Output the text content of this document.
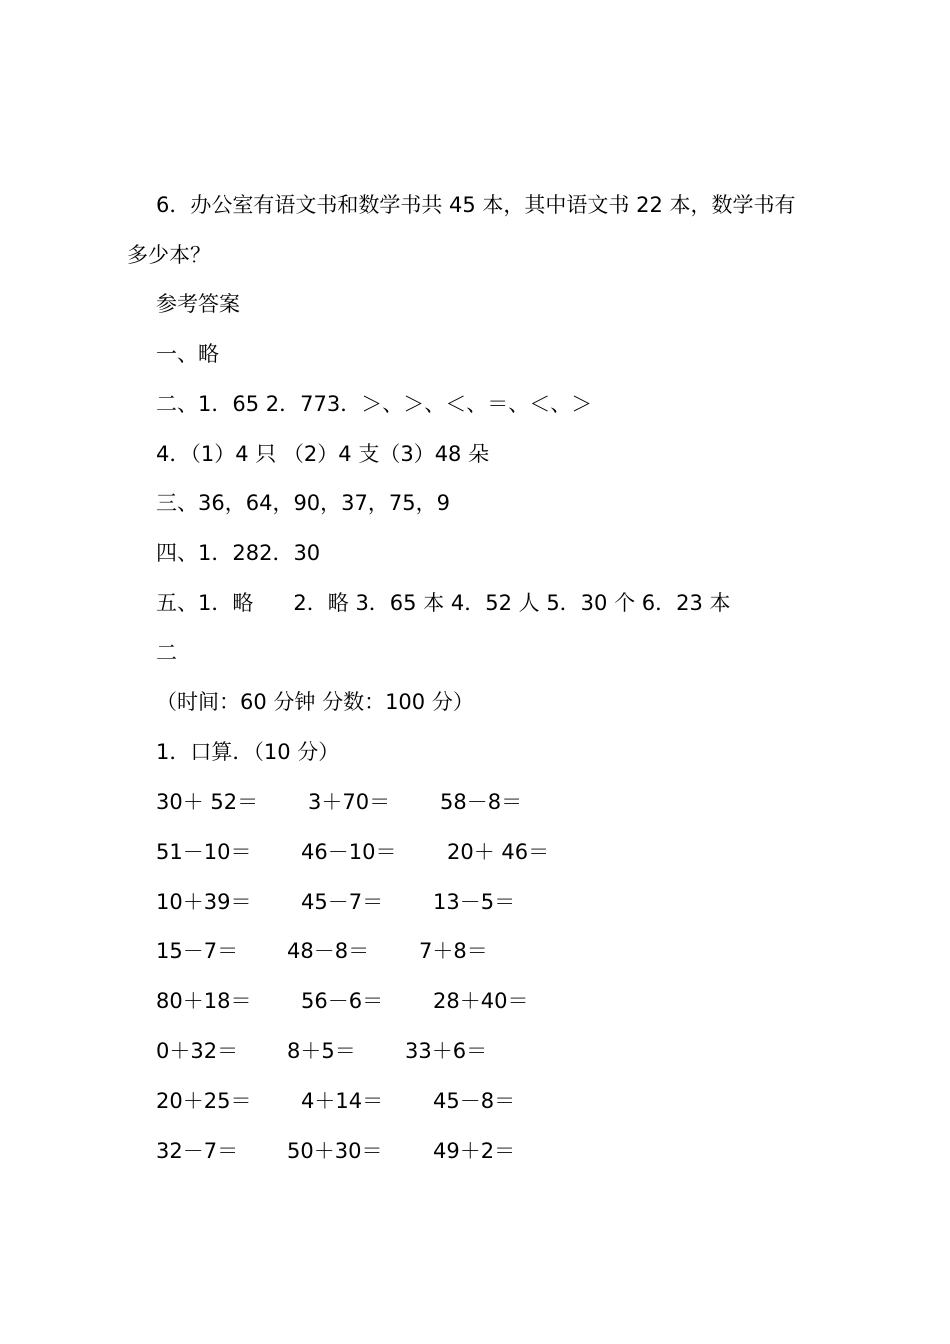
6．办公室有语文书和数学书共 45 本，其中语文书 22 本，数学书有
多少本？
参考答案
一、略
二、1．65 2．773．＞、＞、＜、＝、＜、＞
4．（1）4 只 （2）4 支（3）48 朵
三、36，64，90，37，75，9
四、1．282．30
五、1．略      2．略 3．65 本 4．52 人 5．30 个 6．23 本
二
（时间：60 分钟 分数：100 分）
1．口算．（10 分）
30＋ 52＝ 3＋70＝ 58－8＝
51－10＝ 46－10＝ 20＋ 46＝
10＋39＝ 45－7＝ 13－5＝
15－7＝ 48－8＝ 7＋8＝
80＋18＝ 56－6＝ 28＋40＝
0＋32＝ 8＋5＝ 33＋6＝
20＋25＝ 4＋14＝ 45－8＝
32－7＝ 50＋30＝ 49＋2＝
